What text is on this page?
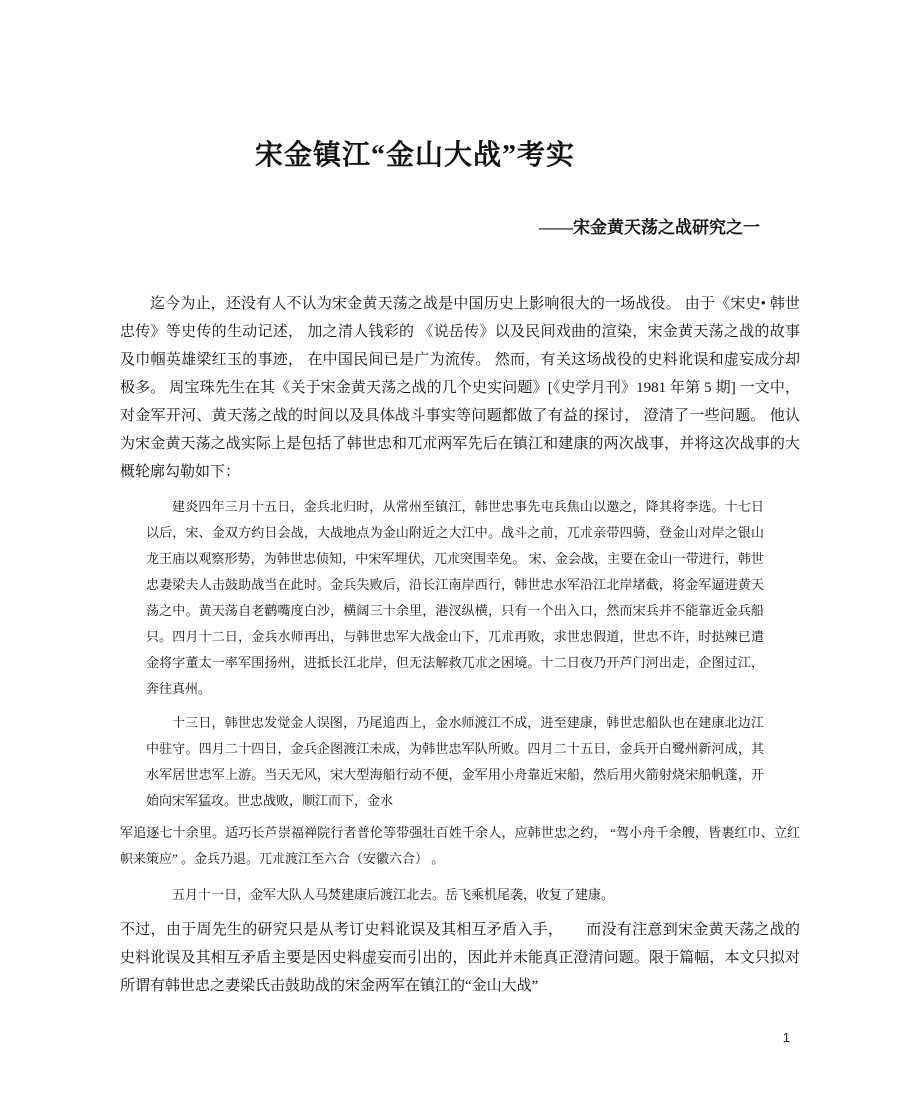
宋金镇江“金山大战”考实
——宋金黄天荡之战研究之一

迄今为止，还没有人不认为宋金黄天荡之战是中国历史上影响很大的一场战役。 由于《宋史• 韩世忠传》等史传的生动记述， 加之清人钱彩的 《说岳传》以及民间戏曲的渲染，宋金黄天荡之战的故事及巾帼英雄梁红玉的事迹， 在中国民间已是广为流传。 然而，有关这场战役的史料讹误和虚妄成分却极多。 周宝珠先生在其《关于宋金黄天荡之战的几个史实问题》[《史学月刊》1981 年第 5 期] 一文中，对金军开河、黄天荡之战的时间以及具体战斗事实等问题都做了有益的探讨， 澄清了一些问题。 他认为宋金黄天荡之战实际上是包括了韩世忠和兀朮两军先后在镇江和建康的两次战事，并将这次战事的大概轮廓勾勒如下：

建炎四年三月十五日，金兵北归时，从常州至镇江，韩世忠事先屯兵焦山以邀之，降其将李选。十七日以后，宋、金双方约日会战，大战地点为金山附近之大江中。战斗之前，兀朮亲带四骑，登金山对岸之银山龙王庙以观察形势，为韩世忠侦知，中宋军埋伏，兀朮突围幸免。 宋、金会战，主要在金山一带进行，韩世忠妻梁夫人击鼓助战当在此时。金兵失败后，沿长江南岸西行，韩世忠水军沿江北岸堵截，将金军逼进黄天荡之中。黄天荡自老鹳嘴度白沙，横阔三十余里，港汊纵横，只有一个出入口，然而宋兵并不能靠近金兵船只。四月十二日，金兵水师再出，与韩世忠军大战金山下，兀朮再败，求世忠假道，世忠不许，时挞辣已遣金将字董太一率军围扬州，进抵长江北岸，但无法解救兀朮之困境。十二日夜乃开芦门河出走，企图过江，奔往真州。

十三日，韩世忠发觉金人误图，乃尾追西上，金水师渡江不成，进至建康，韩世忠船队也在建康北边江中驻守。四月二十四日，金兵企图渡江未成，为韩世忠军队所败。四月二十五日，金兵开白鹭州新河成，其水军居世忠军上游。当天无风，宋大型海船行动不便，金军用小舟靠近宋船，然后用火箭射烧宋船帆蓬，开始向宋军猛攻。世忠战败，顺江而下，金水

军追逐七十余里。适巧长芦崇福禅院行者普伦等带强壮百姓千余人，应韩世忠之约， “驾小舟千余艘，皆裹红巾、立红帜来策应” 。金兵乃退。兀朮渡江至六合（安徽六合） 。

五月十一日，金军大队人马焚建康后渡江北去。岳飞乘机尾袭，收复了建康。

不过，由于周先生的研究只是从考订史料讹误及其相互矛盾入手，　　而没有注意到宋金黄天荡之战的史料讹误及其相互矛盾主要是因史料虚妄而引出的，因此并未能真正澄清问题。限于篇幅，本文只拟对所谓有韩世忠之妻梁氏击鼓助战的宋金两军在镇江的“金山大战”

1
